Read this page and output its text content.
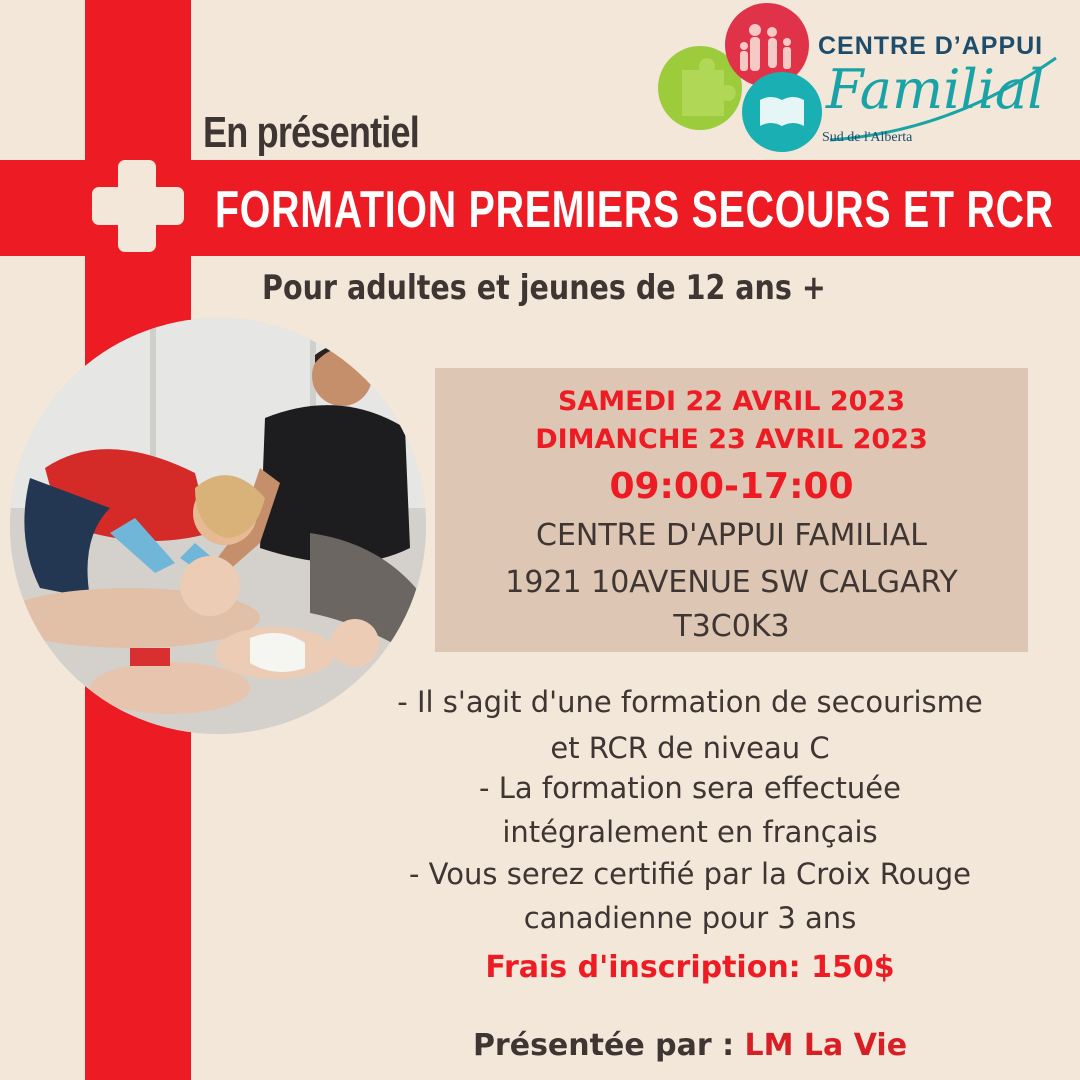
CENTRE D’APPUI
Familial
Sud de l'Alberta
En présentiel
FORMATION PREMIERS SECOURS ET RCR
Pour adultes et jeunes de 12 ans +
SAMEDI 22 AVRIL 2023
DIMANCHE 23 AVRIL 2023
09:00-17:00
CENTRE D'APPUI FAMILIAL
1921 10AVENUE SW CALGARY
T3C0K3
- Il s'agit d'une formation de secourisme
et RCR de niveau C
- La formation sera effectuée
intégralement en français
- Vous serez certifié par la Croix Rouge
canadienne pour 3 ans
Frais d'inscription: 150$
Présentée par : LM La Vie
